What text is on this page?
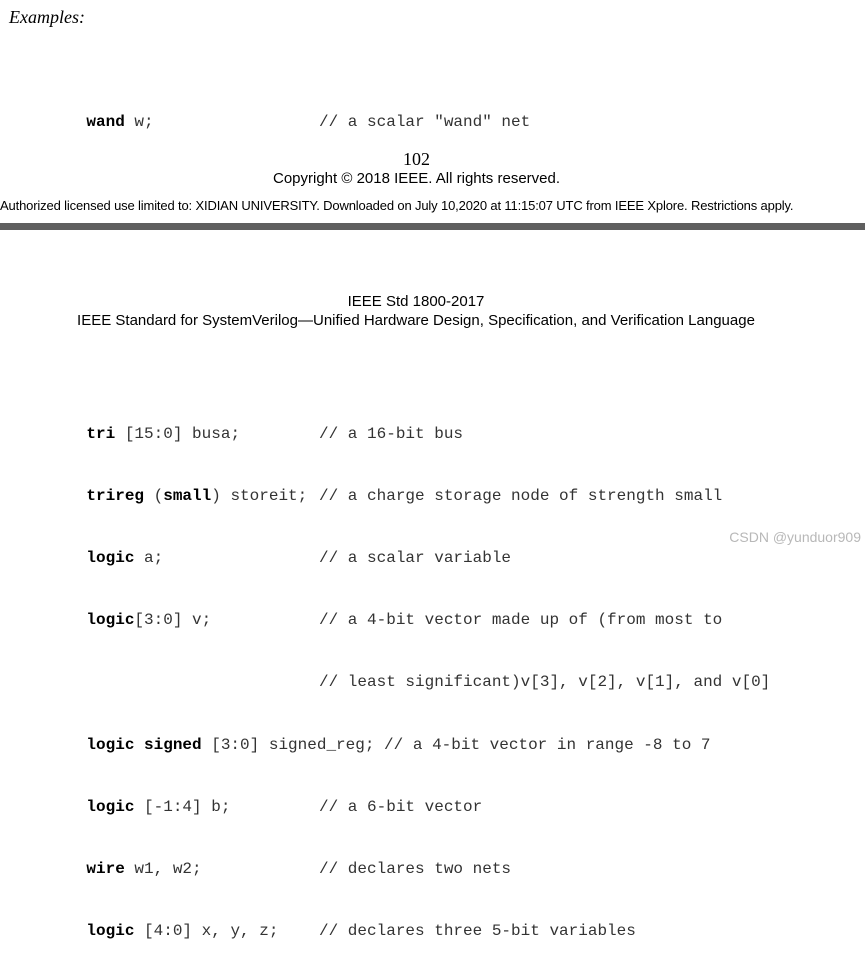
Examples:

wand w;	// a scalar "wand" net

102
Copyright © 2018 IEEE. All rights reserved.
Authorized licensed use limited to: XIDIAN UNIVERSITY. Downloaded on July 10,2020 at 11:15:07 UTC from IEEE Xplore. Restrictions apply.
IEEE Std 1800-2017
IEEE Standard for SystemVerilog—Unified Hardware Design, Specification, and Verification Language

tri [15:0] busa;	// a 16-bit bus

trireg (small) storeit; // a charge storage node of strength small

logic a;	// a scalar variable

logic[3:0] v;	// a 4-bit vector made up of (from most to

// least significant)v[3], v[2], v[1], and v[0]

logic signed [3:0] signed_reg; // a 4-bit vector in range -8 to 7

logic [-1:4] b;	// a 6-bit vector

wire w1, w2;	// declares two nets

logic [4:0] x, y, z;	// declares three 5-bit variables

CSDN @yunduor909
